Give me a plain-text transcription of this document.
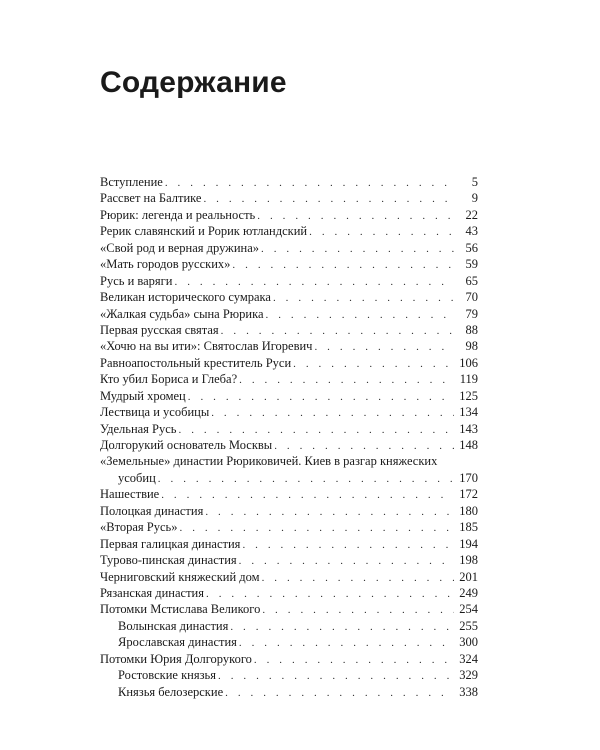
Содержание
Вступление . . .	5
Рассвет на Балтике . . .	9
Рюрик: легенда и реальность . . .	22
Рерик славянский и Рорик ютландский . . .	43
«Свой род и верная дружина» . . .	56
«Мать городов русских» . . .	59
Русь и варяги . . .	65
Великан исторического сумрака . . .	70
«Жалкая судьба» сына Рюрика . . .	79
Первая русская святая . . .	88
«Хочю на вы ити»: Святослав Игоревич . . .	98
Равноапостольный креститель Руси . . .	106
Кто убил Бориса и Глеба? . . .	119
Мудрый хромец . . .	125
Лествица и усобицы . . .	134
Удельная Русь . . .	143
Долгорукий основатель Москвы . . .	148
«Земельные» династии Рюриковичей. Киев в разгар княжеских
усобиц . . .	170
Нашествие . . .	172
Полоцкая династия . . .	180
«Вторая Русь» . . .	185
Первая галицкая династия . . .	194
Турово-пинская династия . . .	198
Черниговский княжеский дом . . .	201
Рязанская династия . . .	249
Потомки Мстислава Великого . . .	254
Волынская династия . . .	255
Ярославская династия . . .	300
Потомки Юрия Долгорукого . . .	324
Ростовские князья . . .	329
Князья белозерские . . .	338
